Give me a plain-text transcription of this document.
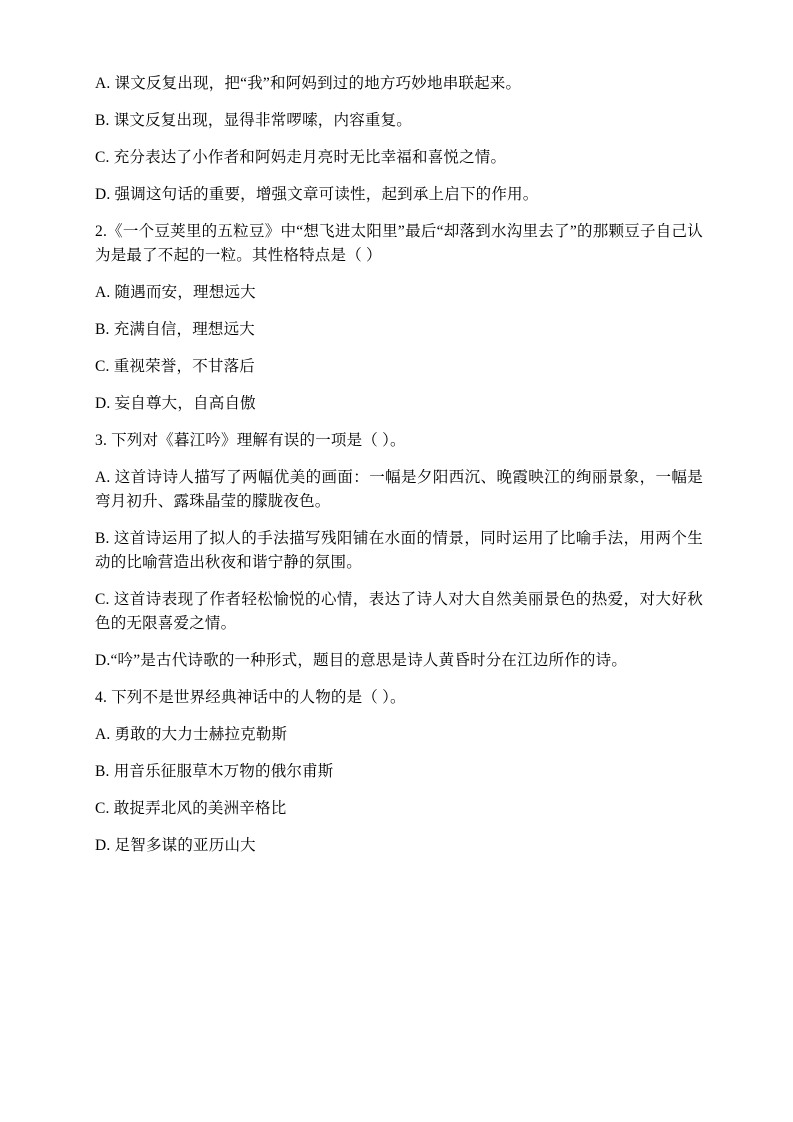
A. 课文反复出现，把“我”和阿妈到过的地方巧妙地串联起来。

B. 课文反复出现，显得非常啰嗦，内容重复。

C. 充分表达了小作者和阿妈走月亮时无比幸福和喜悦之情。

D. 强调这句话的重要，增强文章可读性，起到承上启下的作用。

2.《一个豆荚里的五粒豆》中“想飞进太阳里”最后“却落到水沟里去了”的那颗豆子自己认为是最了不起的一粒。其性格特点是（ ）

A. 随遇而安，理想远大

B. 充满自信，理想远大

C. 重视荣誉，不甘落后

D. 妄自尊大，自高自傲

3. 下列对《暮江吟》理解有误的一项是（ ）。

A. 这首诗诗人描写了两幅优美的画面：一幅是夕阳西沉、晚霞映江的绚丽景象，一幅是弯月初升、露珠晶莹的朦胧夜色。

B. 这首诗运用了拟人的手法描写残阳铺在水面的情景，同时运用了比喻手法，用两个生动的比喻营造出秋夜和谐宁静的氛围。

C. 这首诗表现了作者轻松愉悦的心情，表达了诗人对大自然美丽景色的热爱，对大好秋色的无限喜爱之情。

D.“吟”是古代诗歌的一种形式，题目的意思是诗人黄昏时分在江边所作的诗。

4. 下列不是世界经典神话中的人物的是（ ）。

A. 勇敢的大力士赫拉克勒斯

B. 用音乐征服草木万物的俄尔甫斯

C. 敢捉弄北风的美洲辛格比

D. 足智多谋的亚历山大
